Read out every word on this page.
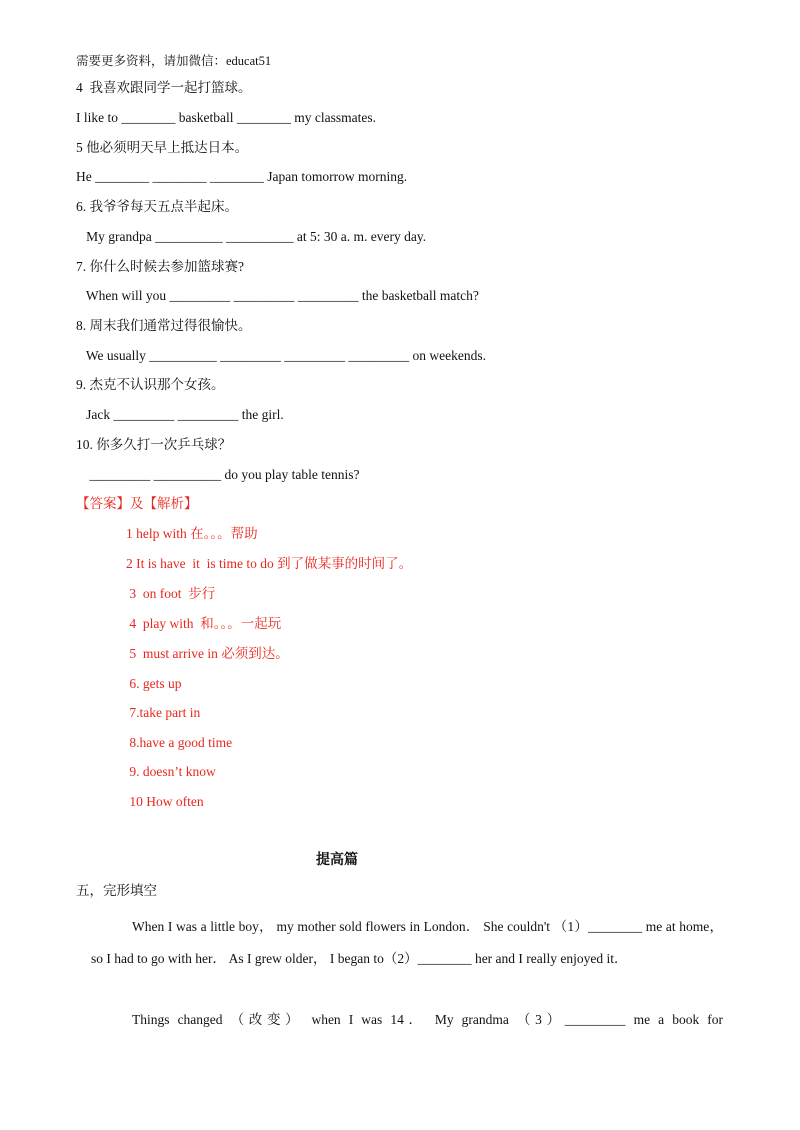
需要更多资料，请加微信：educat51
4  我喜欢跟同学一起打篮球。
I like to ________ basketball ________ my classmates.
5 他必须明天早上抵达日本。
He ________ ________ ________ Japan tomorrow morning.
6. 我爷爷每天五点半起床。
My grandpa __________ __________ at 5: 30 a. m. every day.
7. 你什么时候去参加篮球赛?
When will you _________ _________ _________ the basketball match?
8. 周末我们通常过得很愉快。
We usually __________ _________ _________ _________ on weekends.
9. 杰克不认识那个女孩。
Jack _________ _________ the girl.
10. 你多久打一次乒乓球？
_________ __________ do you play table tennis?
【答案】及【解析】
1 help with 在。。。帮助
2 It is have  it  is time to do 到了做某事的时间了。
3  on foot  步行
4  play with  和。。。一起玩
5  must arrive in 必须到达。
6. gets up
7.take part in
8.have a good time
9. doesn’t know
10 How often
提高篇
五，完形填空
When I was a little boy， my mother sold flowers in London． She couldn't （1）________ me at home， so I had to go with her． As I grew older， I began to（2）________ her and I really enjoyed it．
Things changed （改变） when I was 14． My grandma （3）_________ me a book for
